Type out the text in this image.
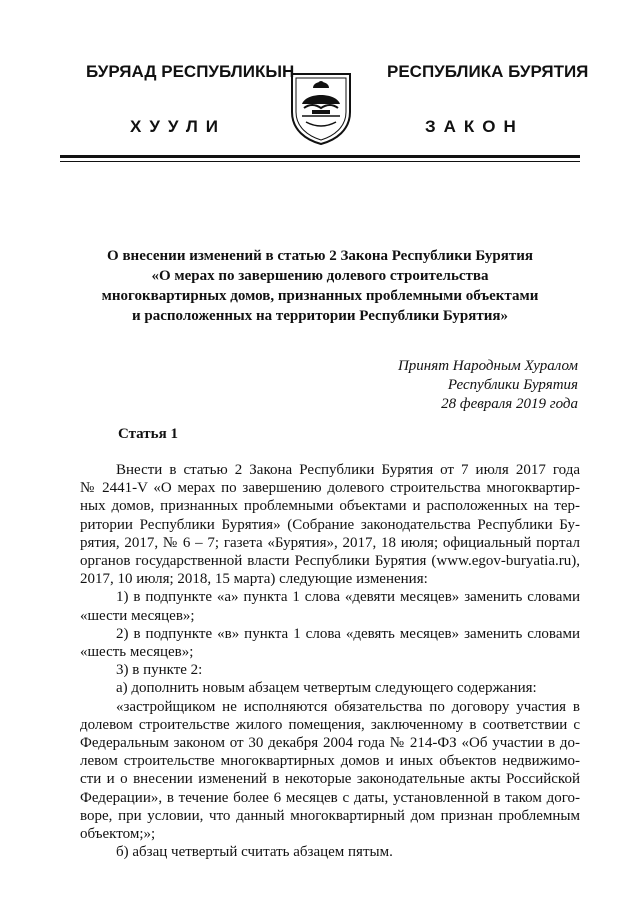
БУРЯАД РЕСПУБЛИКЫН	РЕСПУБЛИКА БУРЯТИЯ
ХУУЛИ	ЗАКОН
О внесении изменений в статью 2 Закона Республики Бурятия
«О мерах по завершению долевого строительства
многоквартирных домов, признанных проблемными объектами
и расположенных на территории Республики Бурятия»
Принят Народным Хуралом
Республики Бурятия
28 февраля 2019 года
Статья 1
Внести в статью 2 Закона Республики Бурятия от 7 июля 2017 года
№ 2441-V «О мерах по завершению долевого строительства многоквартир-
ных домов, признанных проблемными объектами и расположенных на тер-
ритории Республики Бурятия» (Собрание законодательства Республики Бу-
рятия, 2017, № 6 – 7; газета «Бурятия», 2017, 18 июля; официальный портал
органов государственной власти Республики Бурятия (www.egov-buryatia.ru),
2017, 10 июля; 2018, 15 марта) следующие изменения:
1) в подпункте «а» пункта 1 слова «девяти месяцев» заменить словами
«шести месяцев»;
2) в подпункте «в» пункта 1 слова «девять месяцев» заменить словами
«шесть месяцев»;
3) в пункте 2:
а) дополнить новым абзацем четвертым следующего содержания:
«застройщиком не исполняются обязательства по договору участия в
долевом строительстве жилого помещения, заключенному в соответствии с
Федеральным законом от 30 декабря 2004 года № 214-ФЗ «Об участии в до-
левом строительстве многоквартирных домов и иных объектов недвижимо-
сти и о внесении изменений в некоторые законодательные акты Российской
Федерации», в течение более 6 месяцев с даты, установленной в таком дого-
воре, при условии, что данный многоквартирный дом признан проблемным
объектом;»;
б) абзац четвертый считать абзацем пятым.
